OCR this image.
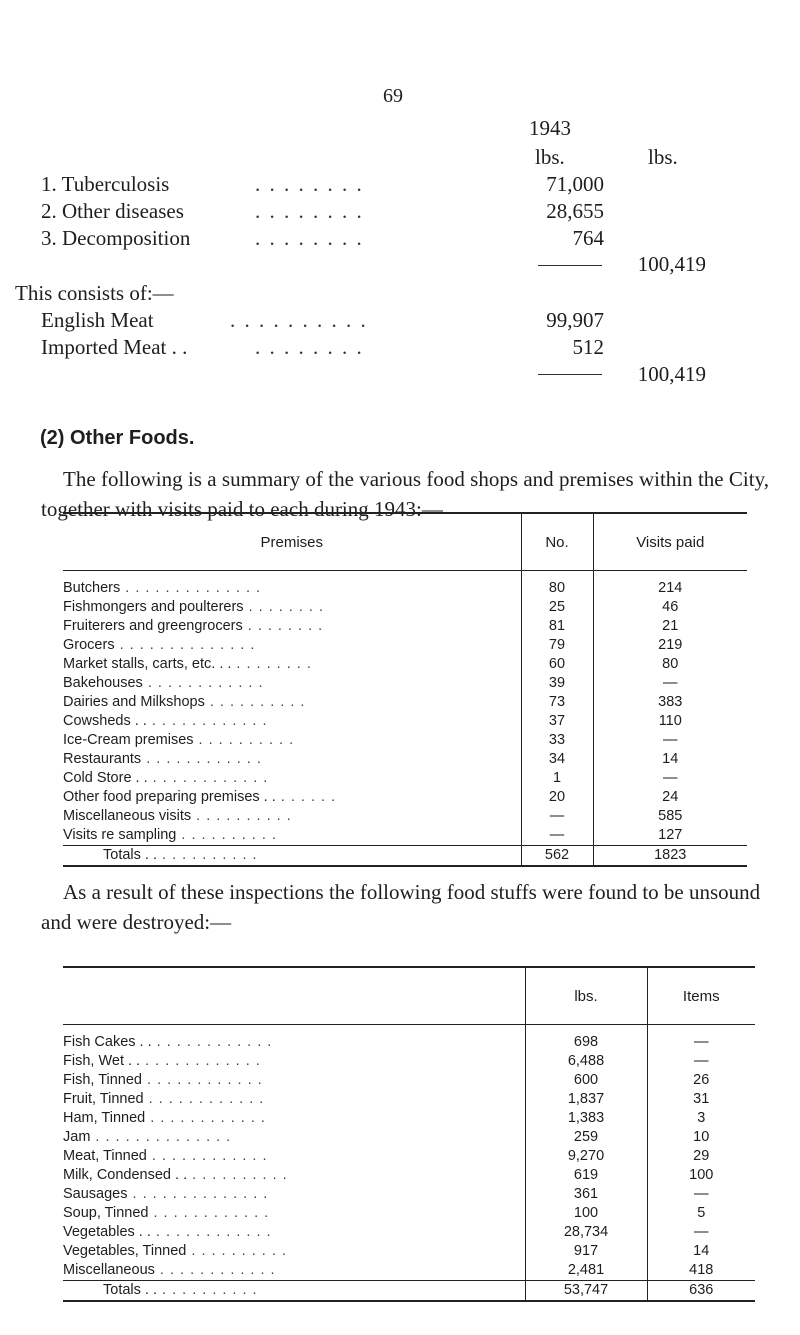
69
1943
lbs.	lbs.
1. Tuberculosis	. . . . . . . .	71,000
2. Other diseases	. . . . . . . .	28,655
3. Decomposition	. . . . . . . .	764
100,419
This consists of:—
English Meat	. . . . . . . . . .	99,907
Imported Meat . .	. . . . . . . .	512
100,419
(2) Other Foods.
The following is a summary of the various food shops and premises within the City, together with visits paid to each during 1943:—
Premises	No.	Visits paid

Butchers . . . . . . . . . . . . . .	80	214
Fishmongers and poulterers . . . . . . . .	25	46
Fruiterers and greengrocers . . . . . . . .	81	21
Grocers . . . . . . . . . . . . . .	79	219
Market stalls, carts, etc. . . . . . . . . . .	60	80
Bakehouses . . . . . . . . . . . .	39	—
Dairies and Milkshops . . . . . . . . . .	73	383
Cowsheds . . . . . . . . . . . . . .	37	110
Ice-Cream premises . . . . . . . . . .	33	—
Restaurants . . . . . . . . . . . .	34	14
Cold Store . . . . . . . . . . . . . .	1	—
Other food preparing premises . . . . . . . .	20	24
Miscellaneous visits . . . . . . . . . .	—	585
Visits re sampling . . . . . . . . . .	—	127
Totals . . . . . . . . . . . .	562	1823
As a result of these inspections the following food stuffs were found to be unsound and were destroyed:—
	lbs.	Items

Fish Cakes . . . . . . . . . . . . . .	698	—
Fish, Wet . . . . . . . . . . . . . .	6,488	—
Fish, Tinned . . . . . . . . . . . .	600	26
Fruit, Tinned . . . . . . . . . . . .	1,837	31
Ham, Tinned . . . . . . . . . . . .	1,383	3
Jam . . . . . . . . . . . . . .	259	10
Meat, Tinned . . . . . . . . . . . .	9,270	29
Milk, Condensed . . . . . . . . . . . .	619	100
Sausages . . . . . . . . . . . . . .	361	—
Soup, Tinned . . . . . . . . . . . .	100	5
Vegetables . . . . . . . . . . . . . .	28,734	—
Vegetables, Tinned . . . . . . . . . .	917	14
Miscellaneous . . . . . . . . . . . .	2,481	418
Totals . . . . . . . . . . . .	53,747	636
